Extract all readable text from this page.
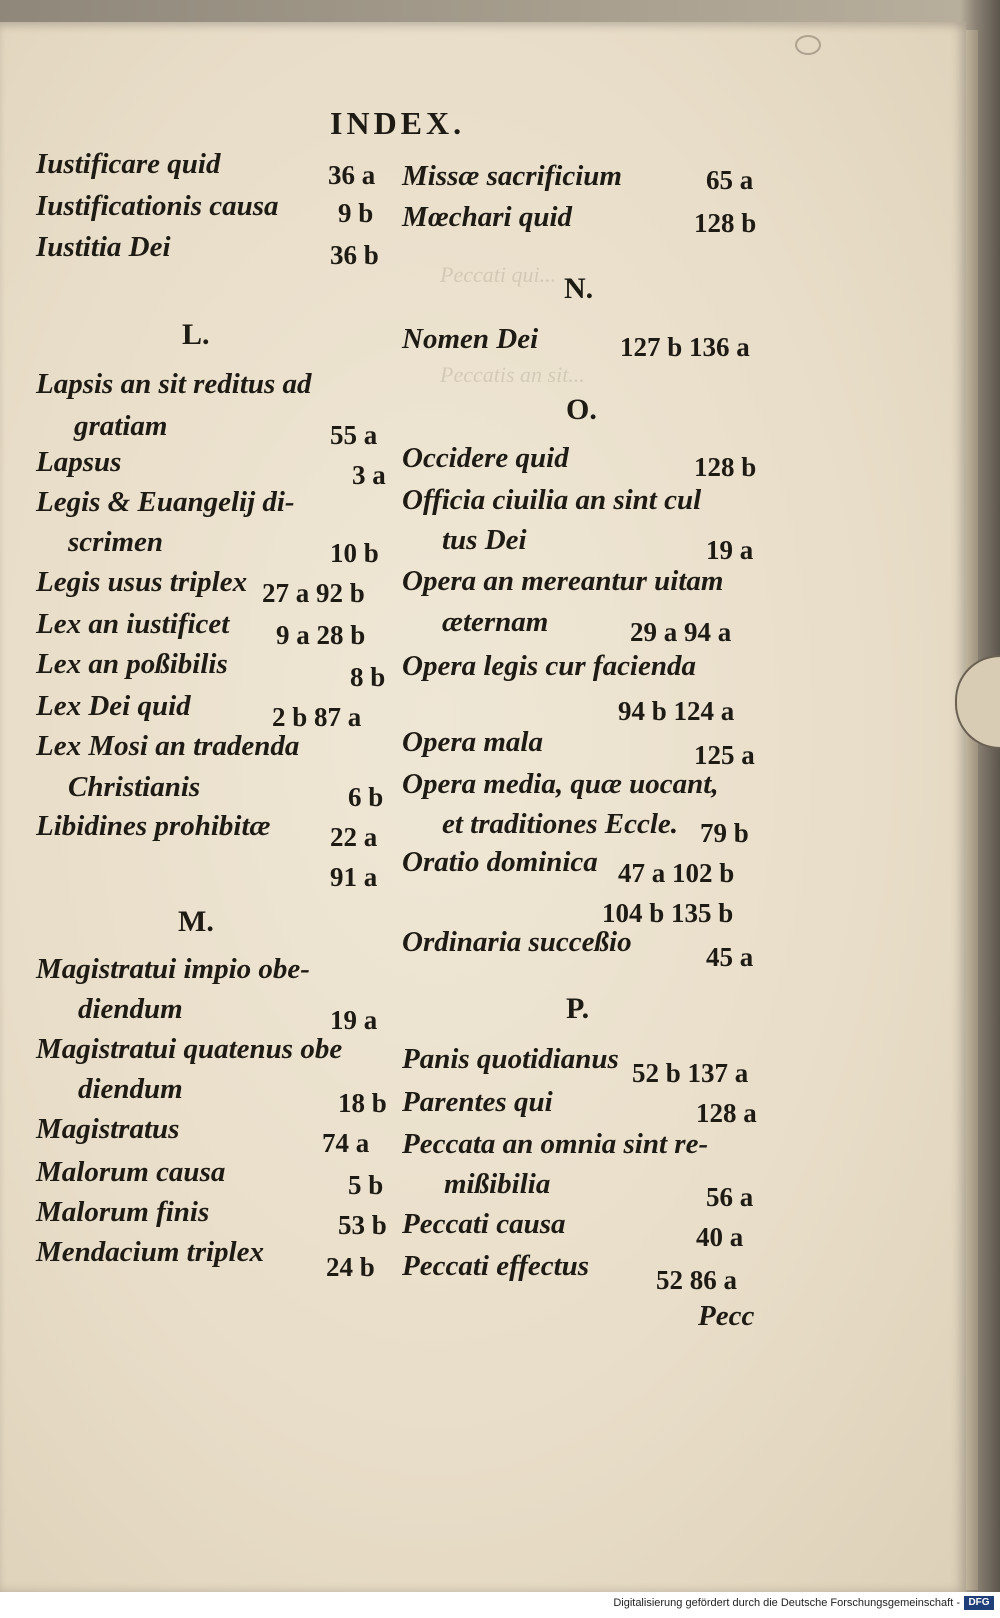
Peccati qui...
Peccatis an sit...
INDEX.
Iustificare quid	36 a
Iustificationis causa 9 b
Iustitia Dei	36 b
L.
Lapsis an sit reditus ad
gratiam	55 a
Lapsus	3 a
Legis & Euangelij di-
scrimen	10 b
Legis usus triplex 27 a 92 b
Lex an iustificet 9 a 28 b
Lex an poßibilis	8 b
Lex Dei quid	2 b 87 a
Lex Mosi an tradenda
Christianis	6 b
Libidines prohibitæ 22 a
91 a
M.
Magistratui impio obe-
diendum	19 a
Magistratui quatenus obe
diendum	18 b
Magistratus	74 a
Malorum causa	5 b
Malorum finis	53 b
Mendacium triplex 24 b
Missæ sacrificium	65 a
Mœchari quid	128 b
N.
Nomen Dei	127 b 136 a
O.
Occidere quid	128 b
Officia ciuilia an sint cul
tus Dei	19 a
Opera an mereantur uitam
æternam	29 a 94 a
Opera legis cur facienda
94 b 124 a
Opera mala	125 a
Opera media, quæ uocant,
et traditiones Eccle. 79 b
Oratio dominica 47 a 102 b
104 b 135 b
Ordinaria succeßio	45 a
P.
Panis quotidianus 52 b 137 a
Parentes qui	128 a
Peccata an omnia sint re-
mißibilia	56 a
Peccati causa	40 a
Peccati effectus 52 86 a
Pecc
Digitalisierung gefördert durch die Deutsche Forschungsgemeinschaft - DFG
